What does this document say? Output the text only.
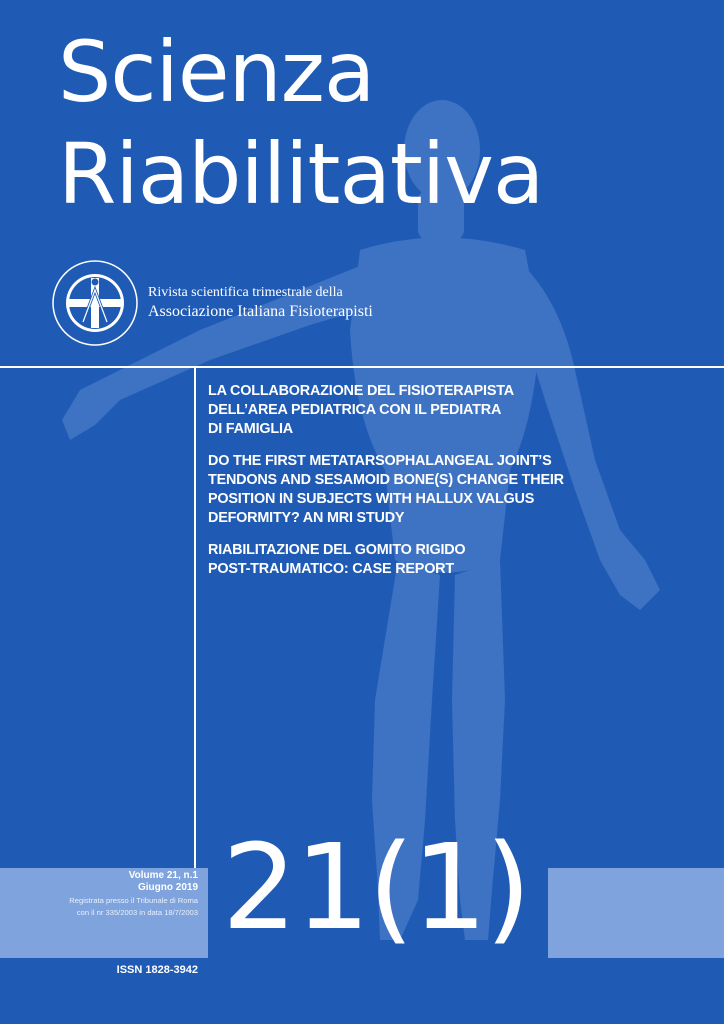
Scienza
Riabilitativa
Rivista scientifica trimestrale della
Associazione Italiana Fisioterapisti
LA COLLABORAZIONE DEL FISIOTERAPISTA
DELL’AREA PEDIATRICA CON IL PEDIATRA
DI FAMIGLIA
DO THE FIRST METATARSOPHALANGEAL JOINT’S
TENDONS AND SESAMOID BONE(S) CHANGE THEIR
POSITION IN SUBJECTS WITH HALLUX VALGUS
DEFORMITY? AN MRI STUDY
RIABILITAZIONE DEL GOMITO RIGIDO
POST-TRAUMATICO: CASE REPORT
Volume 21, n.1
Giugno 2019
Registrata presso il Tribunale di Roma
con il nr 335/2003 in data 18/7/2003 21(1)
ISSN 1828-3942
